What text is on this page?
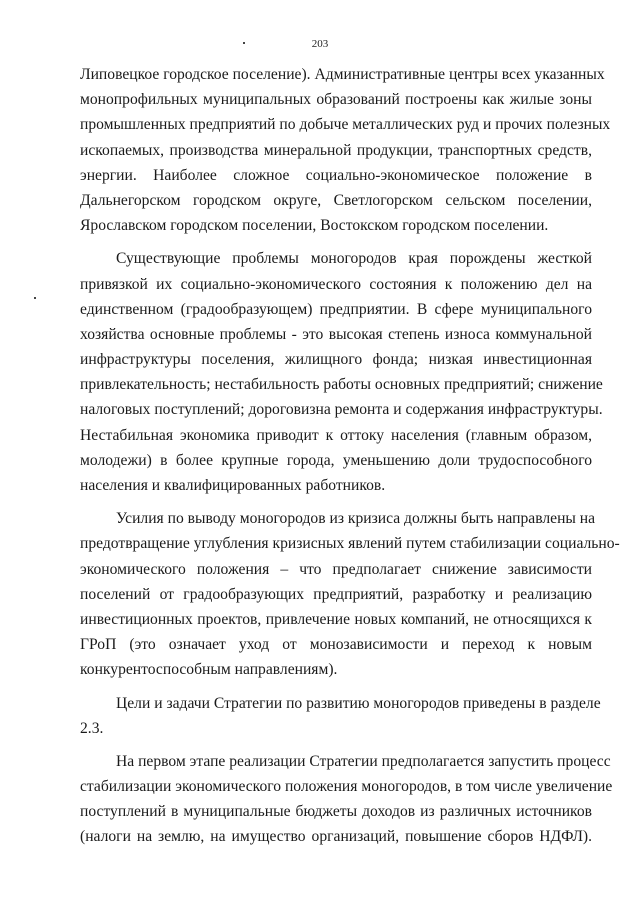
203
Липовецкое городское поселение). Административные центры всех указанных
монопрофильных муниципальных образований построены как жилые зоны
промышленных предприятий по добыче металлических руд и прочих полезных
ископаемых, производства минеральной продукции, транспортных средств,
энергии. Наиболее сложное социально-экономическое положение в
Дальнегорском городском округе, Светлогорском сельском поселении,
Ярославском городском поселении, Востокском городском поселении.
Существующие проблемы моногородов края порождены жесткой
привязкой их социально-экономического состояния к положению дел на
единственном (градообразующем) предприятии. В сфере муниципального
хозяйства основные проблемы - это высокая степень износа коммунальной
инфраструктуры поселения, жилищного фонда; низкая инвестиционная
привлекательность; нестабильность работы основных предприятий; снижение
налоговых поступлений; дороговизна ремонта и содержания инфраструктуры.
Нестабильная экономика приводит к оттоку населения (главным образом,
молодежи) в более крупные города, уменьшению доли трудоспособного
населения и квалифицированных работников.
Усилия по выводу моногородов из кризиса должны быть направлены на
предотвращение углубления кризисных явлений путем стабилизации социально-
экономического положения – что предполагает снижение зависимости
поселений от градообразующих предприятий, разработку и реализацию
инвестиционных проектов, привлечение новых компаний, не относящихся к
ГРоП (это означает уход от монозависимости и переход к новым
конкурентоспособным направлениям).
Цели и задачи Стратегии по развитию моногородов приведены в разделе
2.3.
На первом этапе реализации Стратегии предполагается запустить процесс
стабилизации экономического положения моногородов, в том числе увеличение
поступлений в муниципальные бюджеты доходов из различных источников
(налоги на землю, на имущество организаций, повышение сборов НДФЛ).
